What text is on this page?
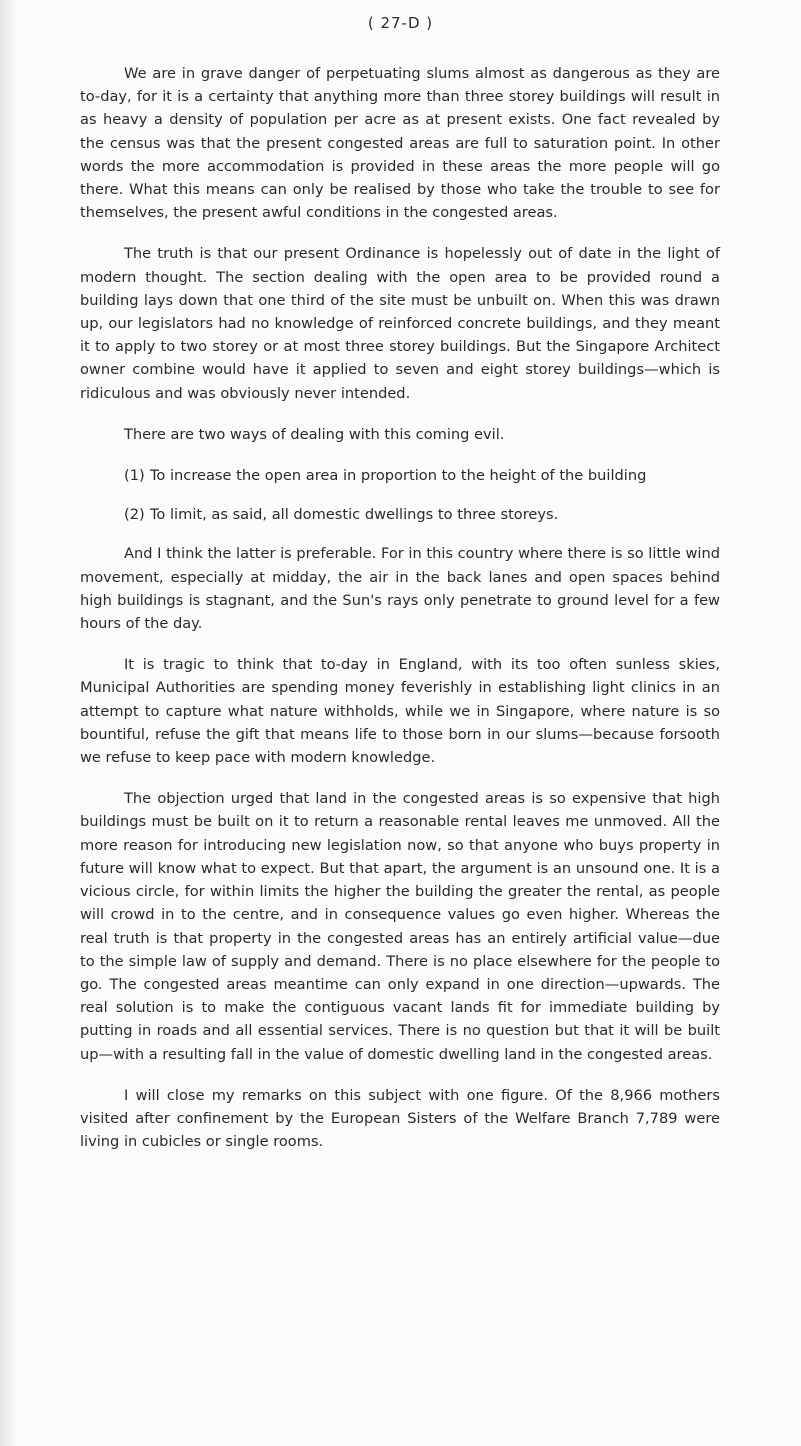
( 27-D )

We are in grave danger of perpetuating slums almost as dangerous as they are to-day, for it is a certainty that anything more than three storey buildings will result in as heavy a density of population per acre as at present exists. One fact revealed by the census was that the present congested areas are full to saturation point. In other words the more accommodation is provided in these areas the more people will go there. What this means can only be realised by those who take the trouble to see for themselves, the present awful conditions in the congested areas.

The truth is that our present Ordinance is hopelessly out of date in the light of modern thought. The section dealing with the open area to be provided round a building lays down that one third of the site must be unbuilt on. When this was drawn up, our legislators had no knowledge of reinforced concrete buildings, and they meant it to apply to two storey or at most three storey buildings. But the Singapore Architect owner combine would have it applied to seven and eight storey buildings—which is ridiculous and was obviously never intended.

There are two ways of dealing with this coming evil.

(1) To increase the open area in proportion to the height of the building
(2) To limit, as said, all domestic dwellings to three storeys.

And I think the latter is preferable. For in this country where there is so little wind movement, especially at midday, the air in the back lanes and open spaces behind high buildings is stagnant, and the Sun's rays only penetrate to ground level for a few hours of the day.

It is tragic to think that to-day in England, with its too often sunless skies, Municipal Authorities are spending money feverishly in establishing light clinics in an attempt to capture what nature withholds, while we in Singapore, where nature is so bountiful, refuse the gift that means life to those born in our slums—because forsooth we refuse to keep pace with modern knowledge.

The objection urged that land in the congested areas is so expensive that high buildings must be built on it to return a reasonable rental leaves me unmoved. All the more reason for introducing new legislation now, so that anyone who buys property in future will know what to expect. But that apart, the argument is an unsound one. It is a vicious circle, for within limits the higher the building the greater the rental, as people will crowd in to the centre, and in consequence values go even higher. Whereas the real truth is that property in the congested areas has an entirely artificial value—due to the simple law of supply and demand. There is no place elsewhere for the people to go. The congested areas meantime can only expand in one direction—upwards. The real solution is to make the contiguous vacant lands fit for immediate building by putting in roads and all essential services. There is no question but that it will be built up—with a resulting fall in the value of domestic dwelling land in the congested areas.

I will close my remarks on this subject with one figure. Of the 8,966 mothers visited after confinement by the European Sisters of the Welfare Branch 7,789 were living in cubicles or single rooms.
